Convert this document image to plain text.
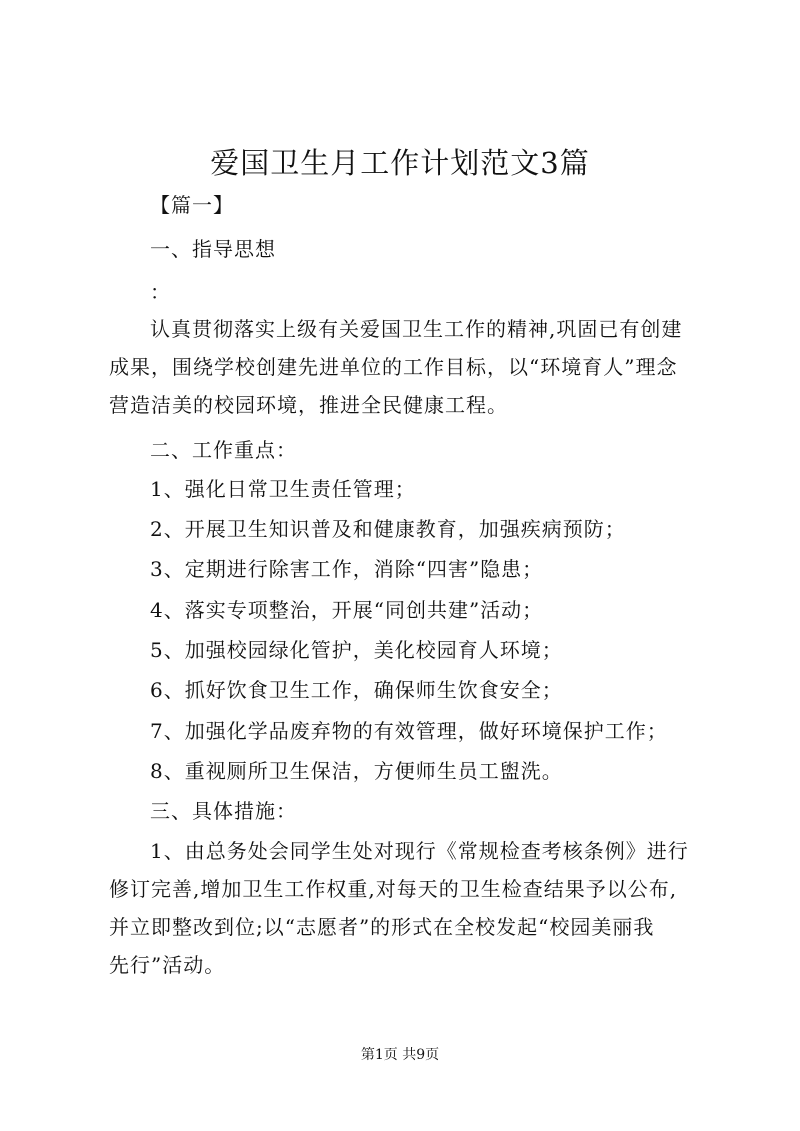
爱国卫生月工作计划范文3篇
【篇一】
一、指导思想
：
认真贯彻落实上级有关爱国卫生工作的精神,巩固已有创建
成果，围绕学校创建先进单位的工作目标，以“环境育人”理念
营造洁美的校园环境，推进全民健康工程。
二、工作重点：
1、强化日常卫生责任管理；
2、开展卫生知识普及和健康教育，加强疾病预防；
3、定期进行除害工作，消除“四害”隐患；
4、落实专项整治，开展“同创共建”活动；
5、加强校园绿化管护，美化校园育人环境；
6、抓好饮食卫生工作，确保师生饮食安全；
7、加强化学品废弃物的有效管理，做好环境保护工作；
8、重视厕所卫生保洁，方便师生员工盥洗。
三、具体措施：
1、由总务处会同学生处对现行《常规检查考核条例》进行
修订完善,增加卫生工作权重,对每天的卫生检查结果予以公布,
并立即整改到位;以“志愿者”的形式在全校发起“校园美丽我
先行”活动。
第1页 共9页
